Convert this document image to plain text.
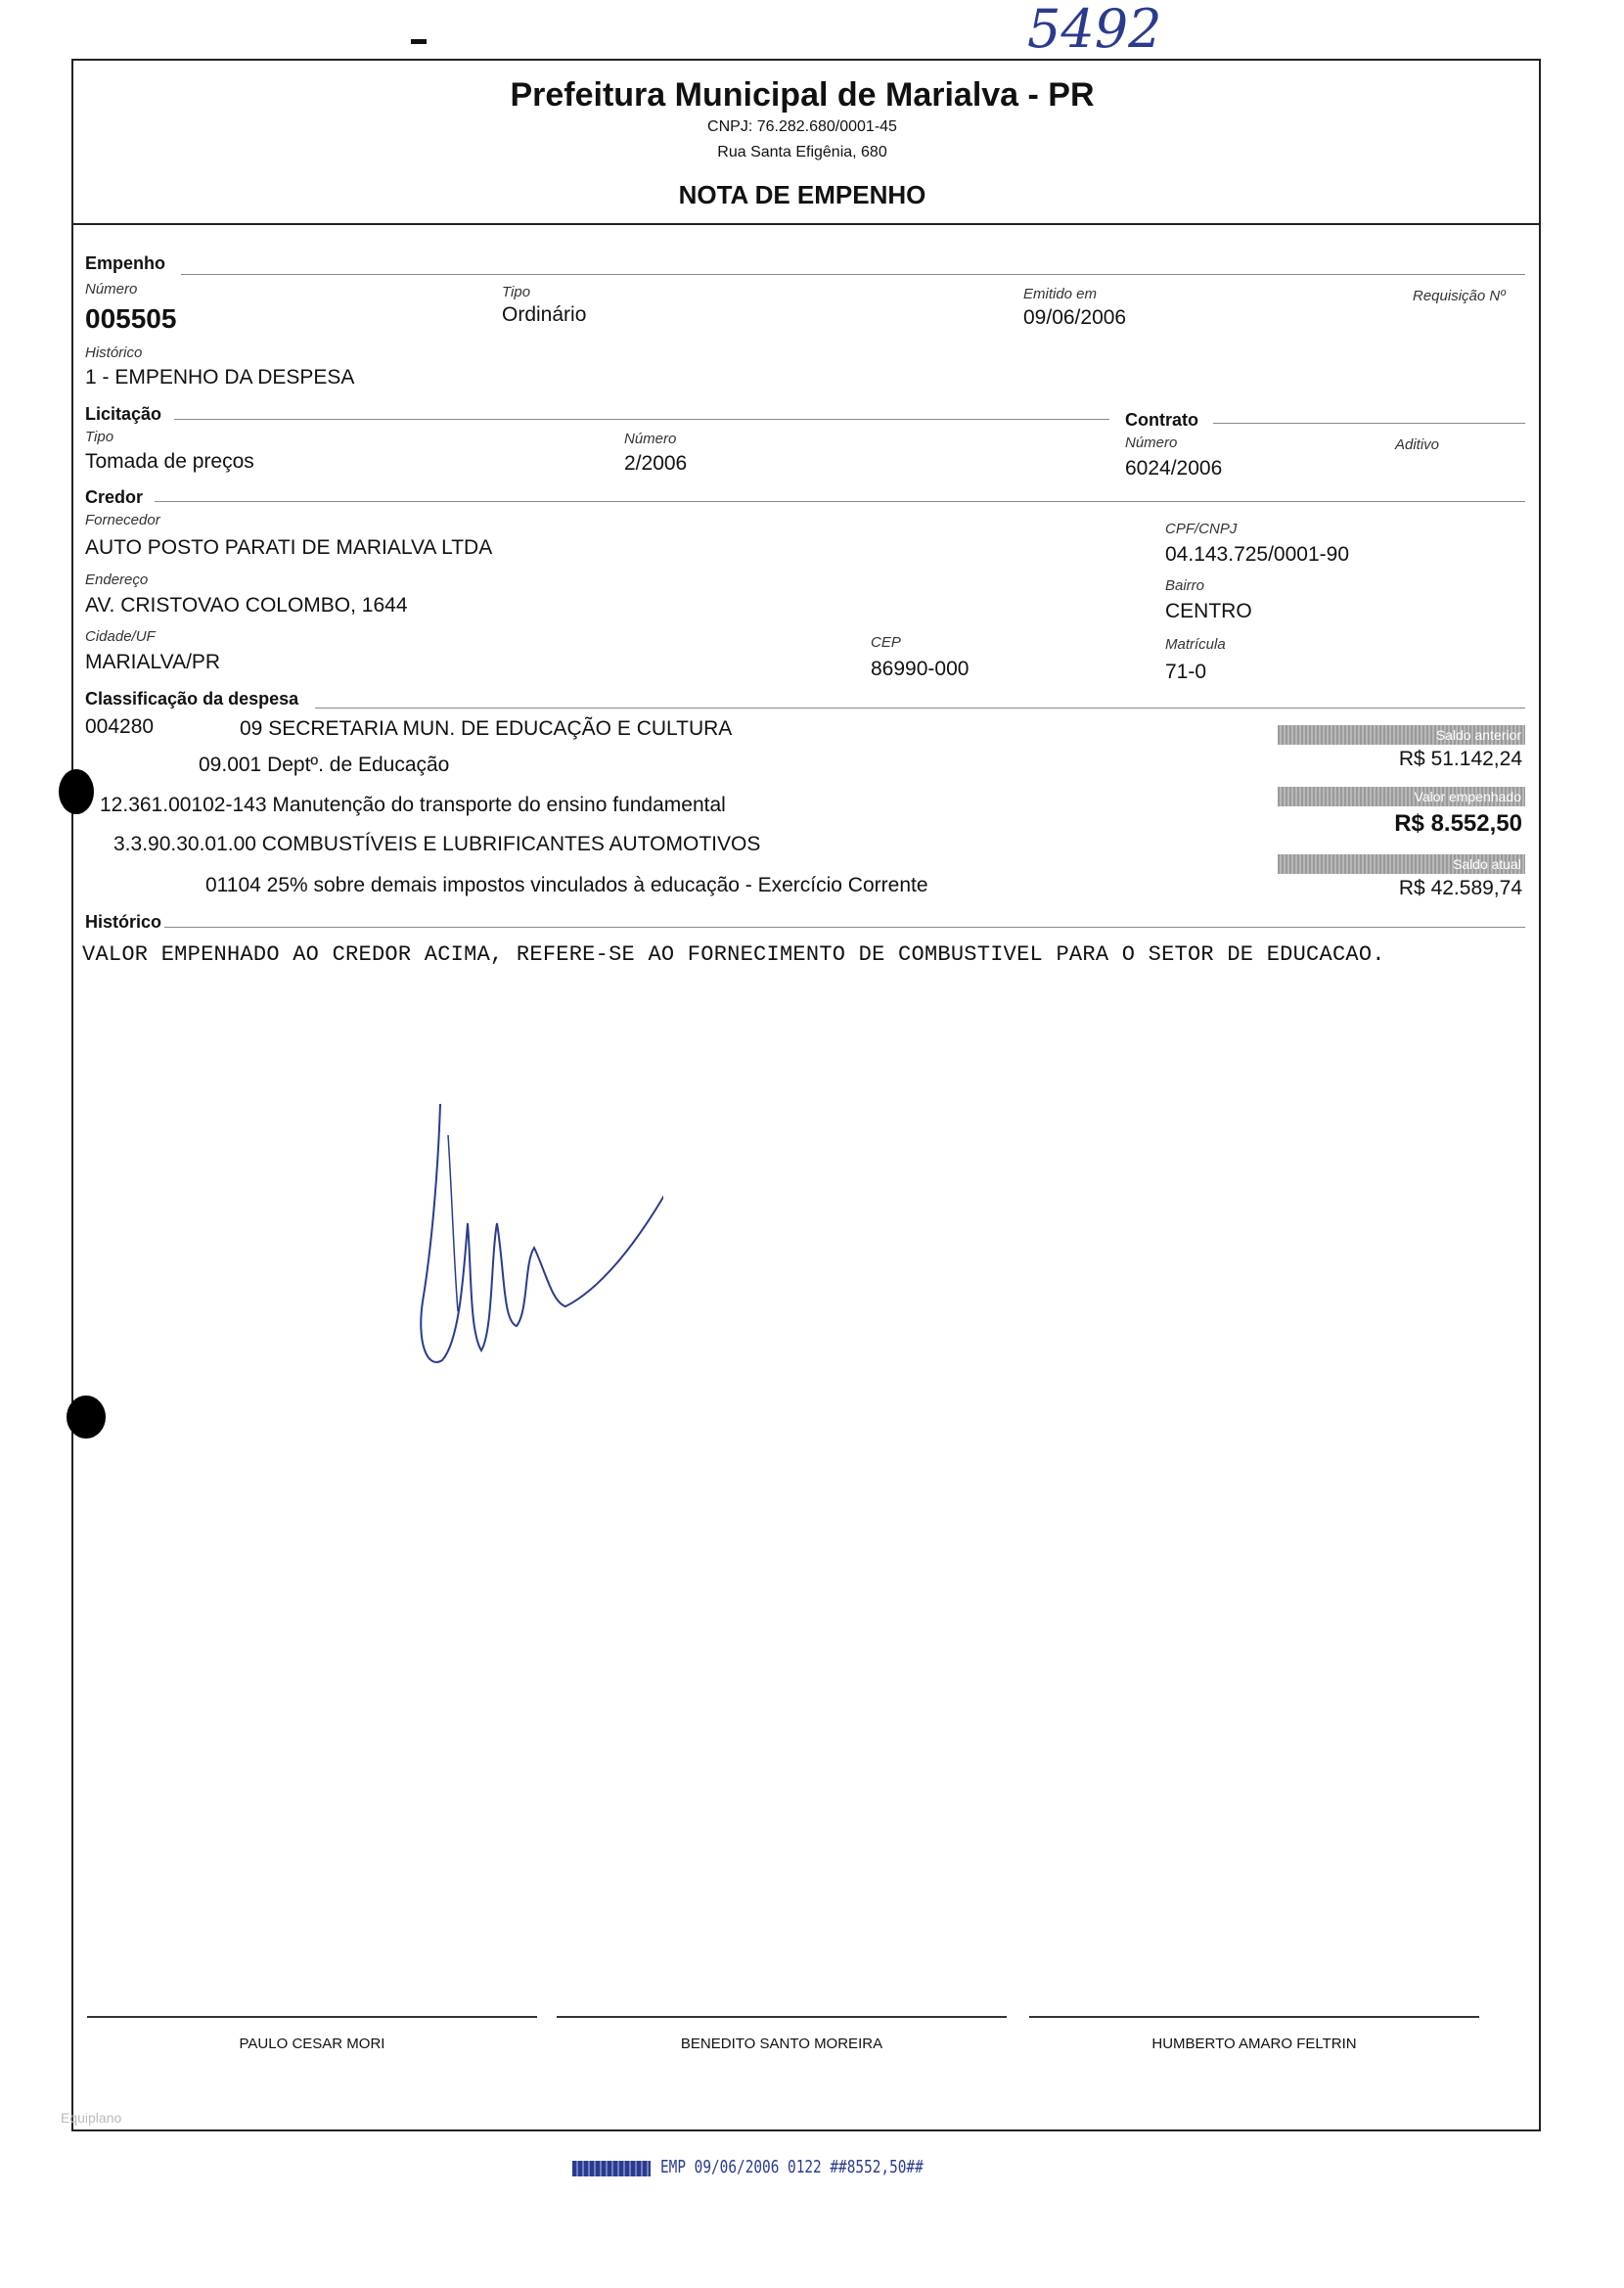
5492
Prefeitura Municipal de Marialva - PR
CNPJ: 76.282.680/0001-45
Rua Santa Efigênia, 680
NOTA DE EMPENHO
Empenho
Número
005505
Tipo
Ordinário
Emitido em
09/06/2006
Requisição Nº
Histórico
1 - EMPENHO DA DESPESA
Licitação
Tipo
Tomada de preços
Número
2/2006
Contrato
Número
6024/2006
Aditivo
Credor
Fornecedor
AUTO POSTO PARATI DE MARIALVA LTDA
CPF/CNPJ
04.143.725/0001-90
Endereço
AV. CRISTOVAO COLOMBO, 1644
Bairro
CENTRO
Cidade/UF
MARIALVA/PR
CEP
86990-000
Matrícula
71-0
Classificação da despesa
004280	09 SECRETARIA MUN. DE EDUCAÇÃO E CULTURA
09.001 Deptº. de Educação
12.361.00102-143 Manutenção do transporte do ensino fundamental
3.3.90.30.01.00 COMBUSTÍVEIS E LUBRIFICANTES AUTOMOTIVOS
01104 25% sobre demais impostos vinculados à educação - Exercício Corrente
Saldo anterior
R$ 51.142,24
Valor empenhado
R$ 8.552,50
Saldo atual
R$ 42.589,74
Histórico
VALOR EMPENHADO AO CREDOR ACIMA, REFERE-SE AO FORNECIMENTO DE COMBUSTIVEL PARA O SETOR DE EDUCACAO.
PAULO CESAR MORI	BENEDITO SANTO MOREIRA	HUMBERTO AMARO FELTRIN
Equiplano
EMP 09/06/2006 0122 ##8552,50##
